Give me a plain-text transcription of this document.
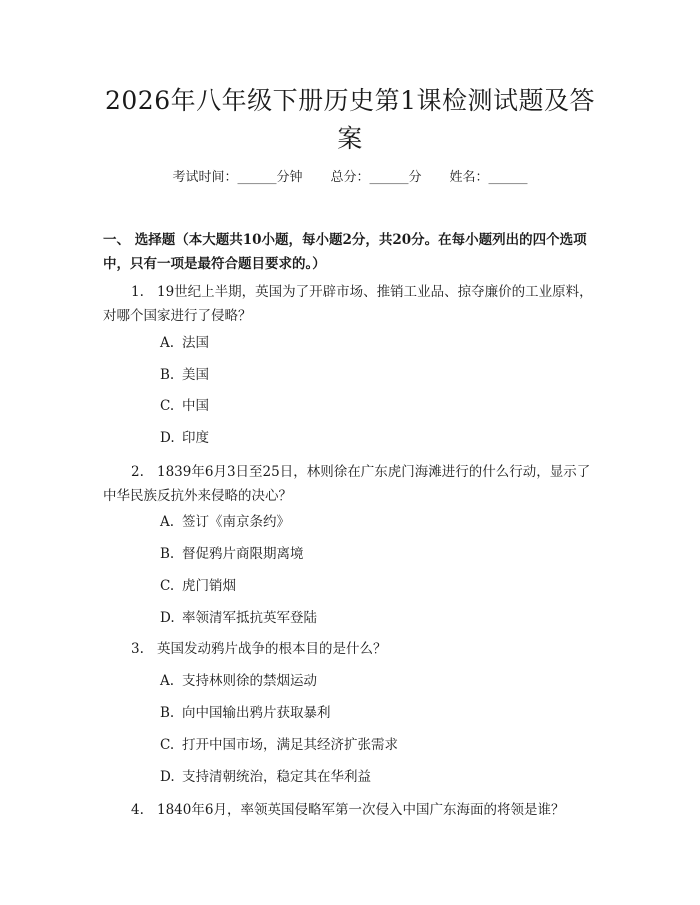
2026年八年级下册历史第1课检测试题及答案
考试时间：______分钟 总分：______分 姓名：______
一、 选择题（本大题共10小题，每小题2分，共20分。在每小题列出的四个选项中，只有一项是最符合题目要求的。）
1. 19世纪上半期，英国为了开辟市场、推销工业品、掠夺廉价的工业原料，对哪个国家进行了侵略？
A. 法国
B. 美国
C. 中国
D. 印度
2. 1839年6月3日至25日，林则徐在广东虎门海滩进行的什么行动，显示了中华民族反抗外来侵略的决心？
A. 签订《南京条约》
B. 督促鸦片商限期离境
C. 虎门销烟
D. 率领清军抵抗英军登陆
3. 英国发动鸦片战争的根本目的是什么？
A. 支持林则徐的禁烟运动
B. 向中国输出鸦片获取暴利
C. 打开中国市场，满足其经济扩张需求
D. 支持清朝统治，稳定其在华利益
4. 1840年6月，率领英国侵略军第一次侵入中国广东海面的将领是谁？
